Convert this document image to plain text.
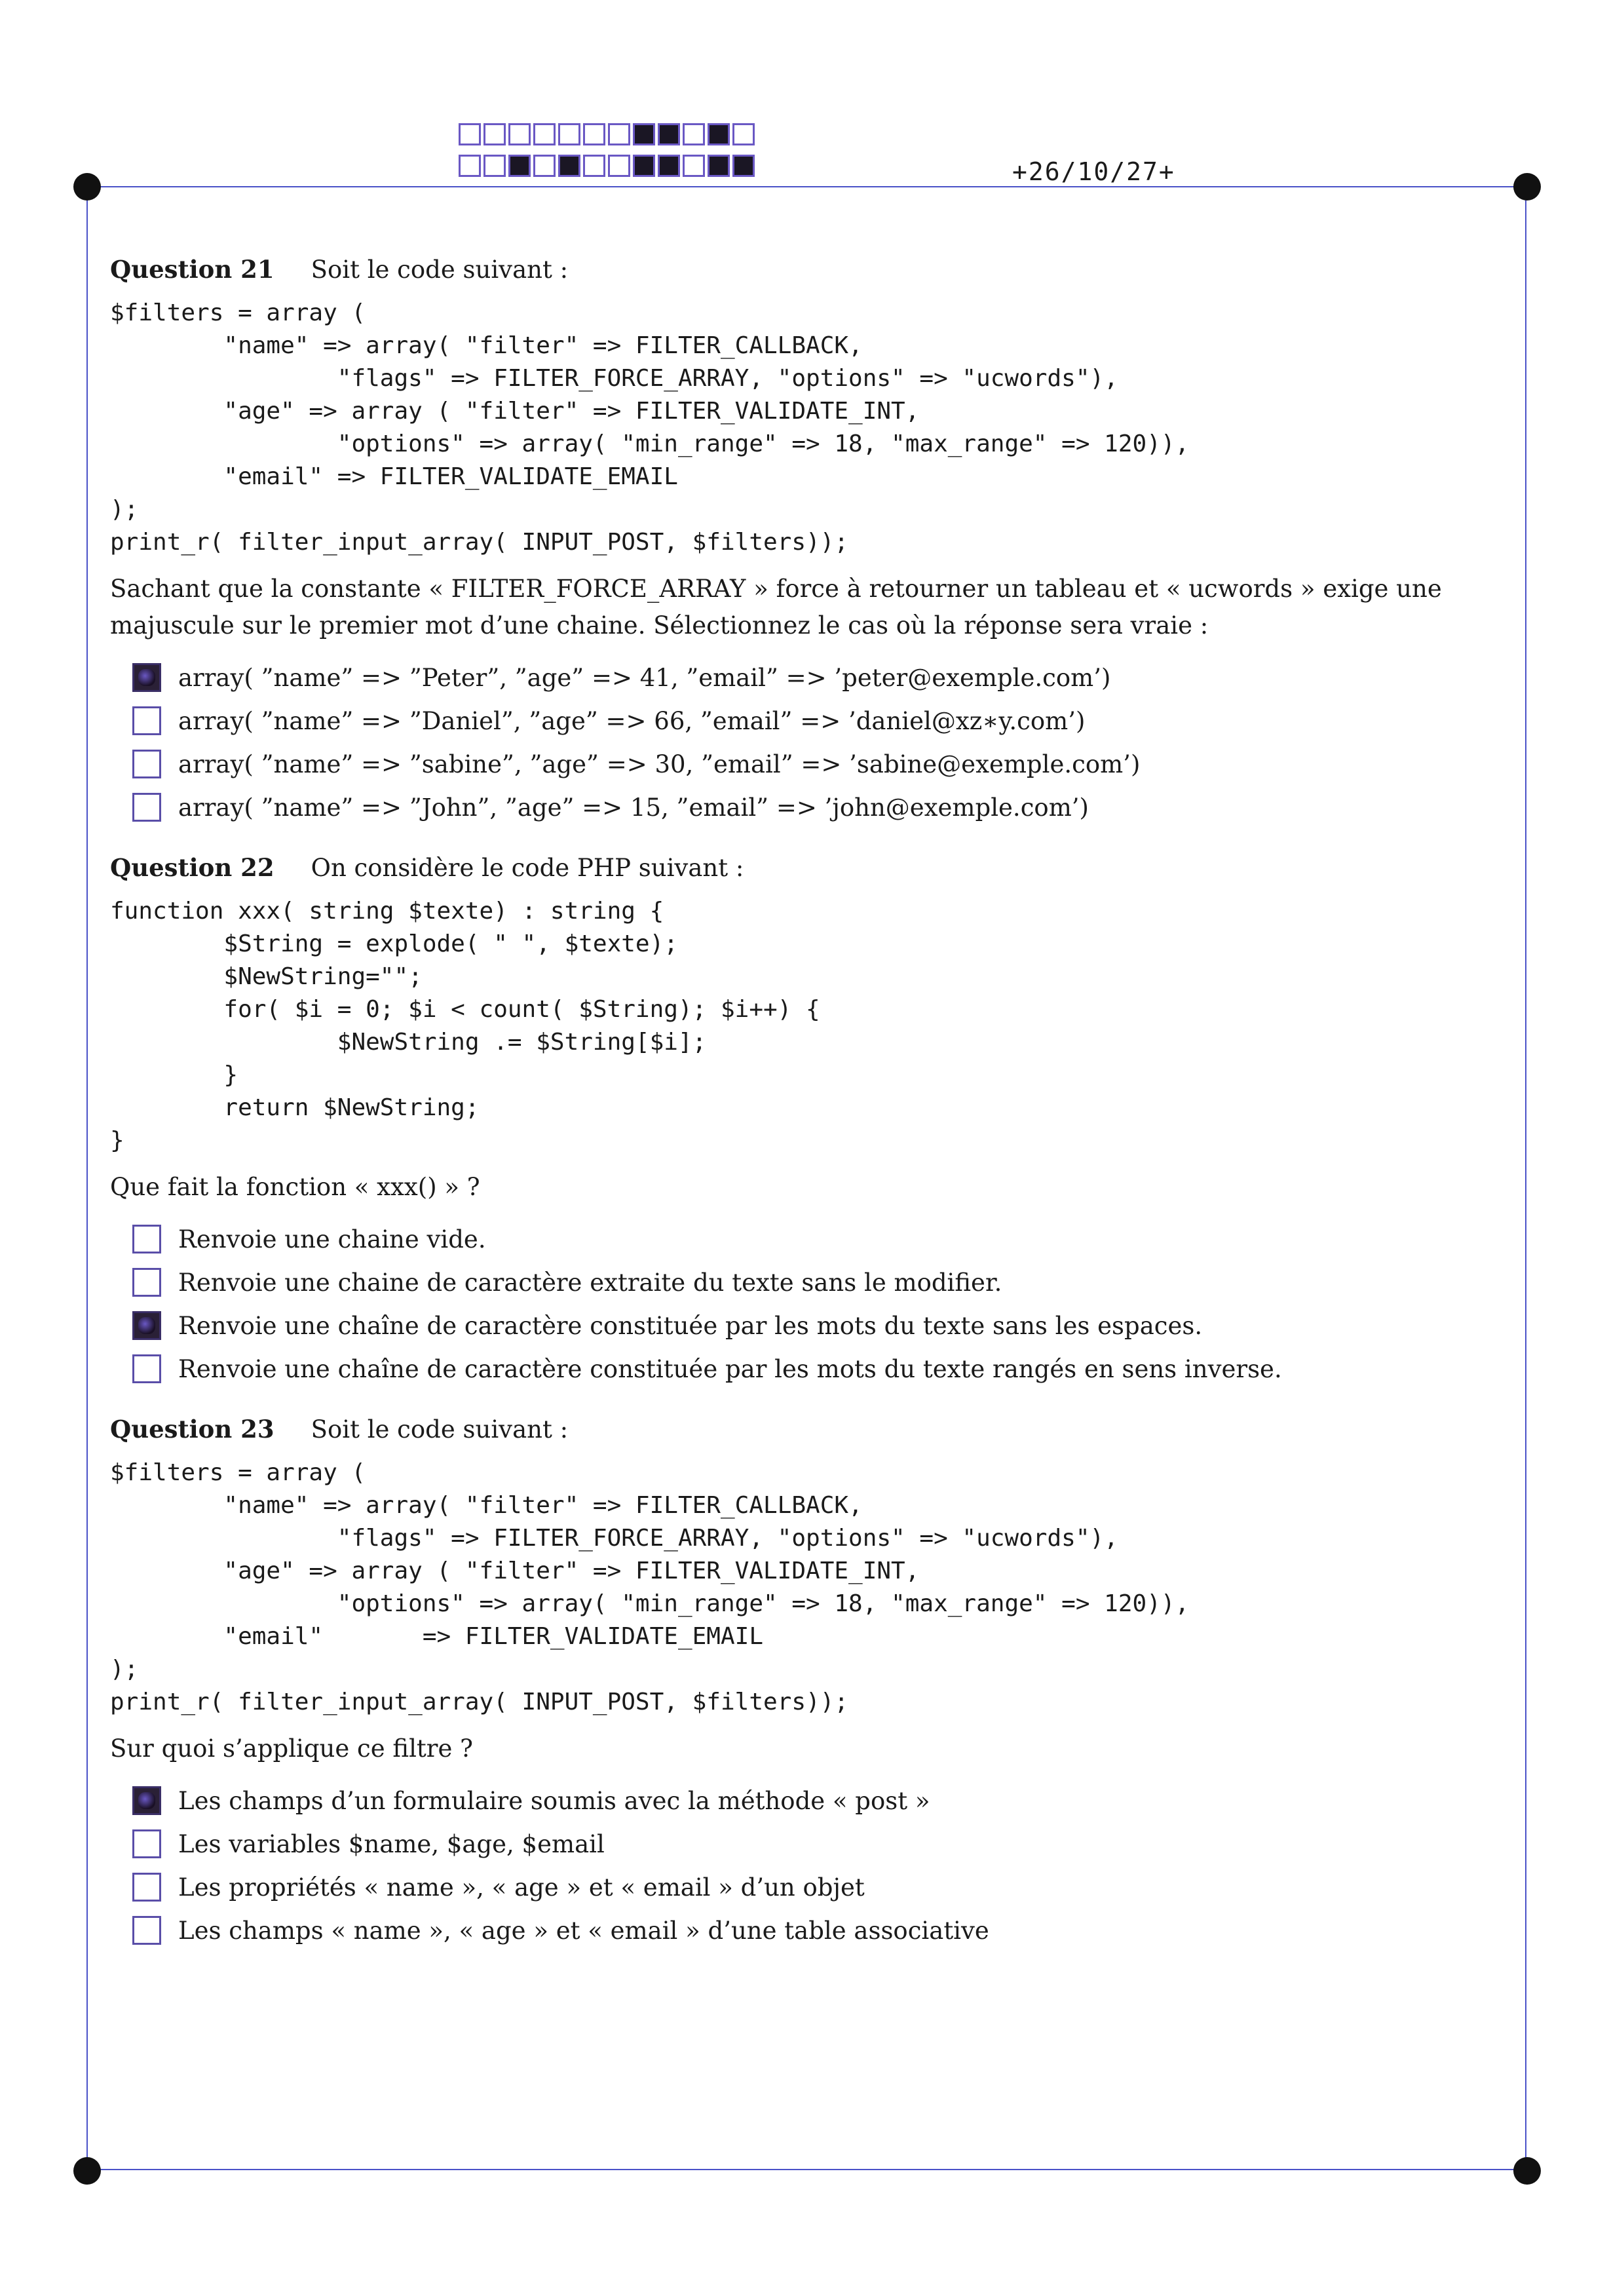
+26/10/27+
Question 21 Soit le code suivant :
$filters = array (
"name" => array( "filter" => FILTER_CALLBACK,
"flags" => FILTER_FORCE_ARRAY, "options" => "ucwords"),
"age" => array ( "filter" => FILTER_VALIDATE_INT,
"options" => array( "min_range" => 18, "max_range" => 120)),
"email" => FILTER_VALIDATE_EMAIL
);
print_r( filter_input_array( INPUT_POST, $filters));
Sachant que la constante « FILTER_FORCE_ARRAY » force à retourner un tableau et « ucwords » exige une majuscule sur le premier mot d’une chaine. Sélectionnez le cas où la réponse sera vraie :
array( ”name” => ”Peter”, ”age” => 41, ”email” => ’peter@exemple.com’)
array( ”name” => ”Daniel”, ”age” => 66, ”email” => ’daniel@xz∗y.com’)
array( ”name” => ”sabine”, ”age” => 30, ”email” => ’sabine@exemple.com’)
array( ”name” => ”John”, ”age” => 15, ”email” => ’john@exemple.com’)
Question 22 On considère le code PHP suivant :
function xxx( string $texte) : string {
$String = explode( " ", $texte);
$NewString="";
for( $i = 0; $i < count( $String); $i++) {
$NewString .= $String[$i];
}
return $NewString;
}
Que fait la fonction « xxx() » ?
Renvoie une chaine vide.
Renvoie une chaine de caractère extraite du texte sans le modifier.
Renvoie une chaîne de caractère constituée par les mots du texte sans les espaces.
Renvoie une chaîne de caractère constituée par les mots du texte rangés en sens inverse.
Question 23 Soit le code suivant :
$filters = array (
"name" => array( "filter" => FILTER_CALLBACK,
"flags" => FILTER_FORCE_ARRAY, "options" => "ucwords"),
"age" => array ( "filter" => FILTER_VALIDATE_INT,
"options" => array( "min_range" => 18, "max_range" => 120)),
"email"       => FILTER_VALIDATE_EMAIL
);
print_r( filter_input_array( INPUT_POST, $filters));
Sur quoi s’applique ce filtre ?
Les champs d’un formulaire soumis avec la méthode « post »
Les variables $name, $age, $email
Les propriétés « name », « age » et « email » d’un objet
Les champs « name », « age » et « email » d’une table associative
